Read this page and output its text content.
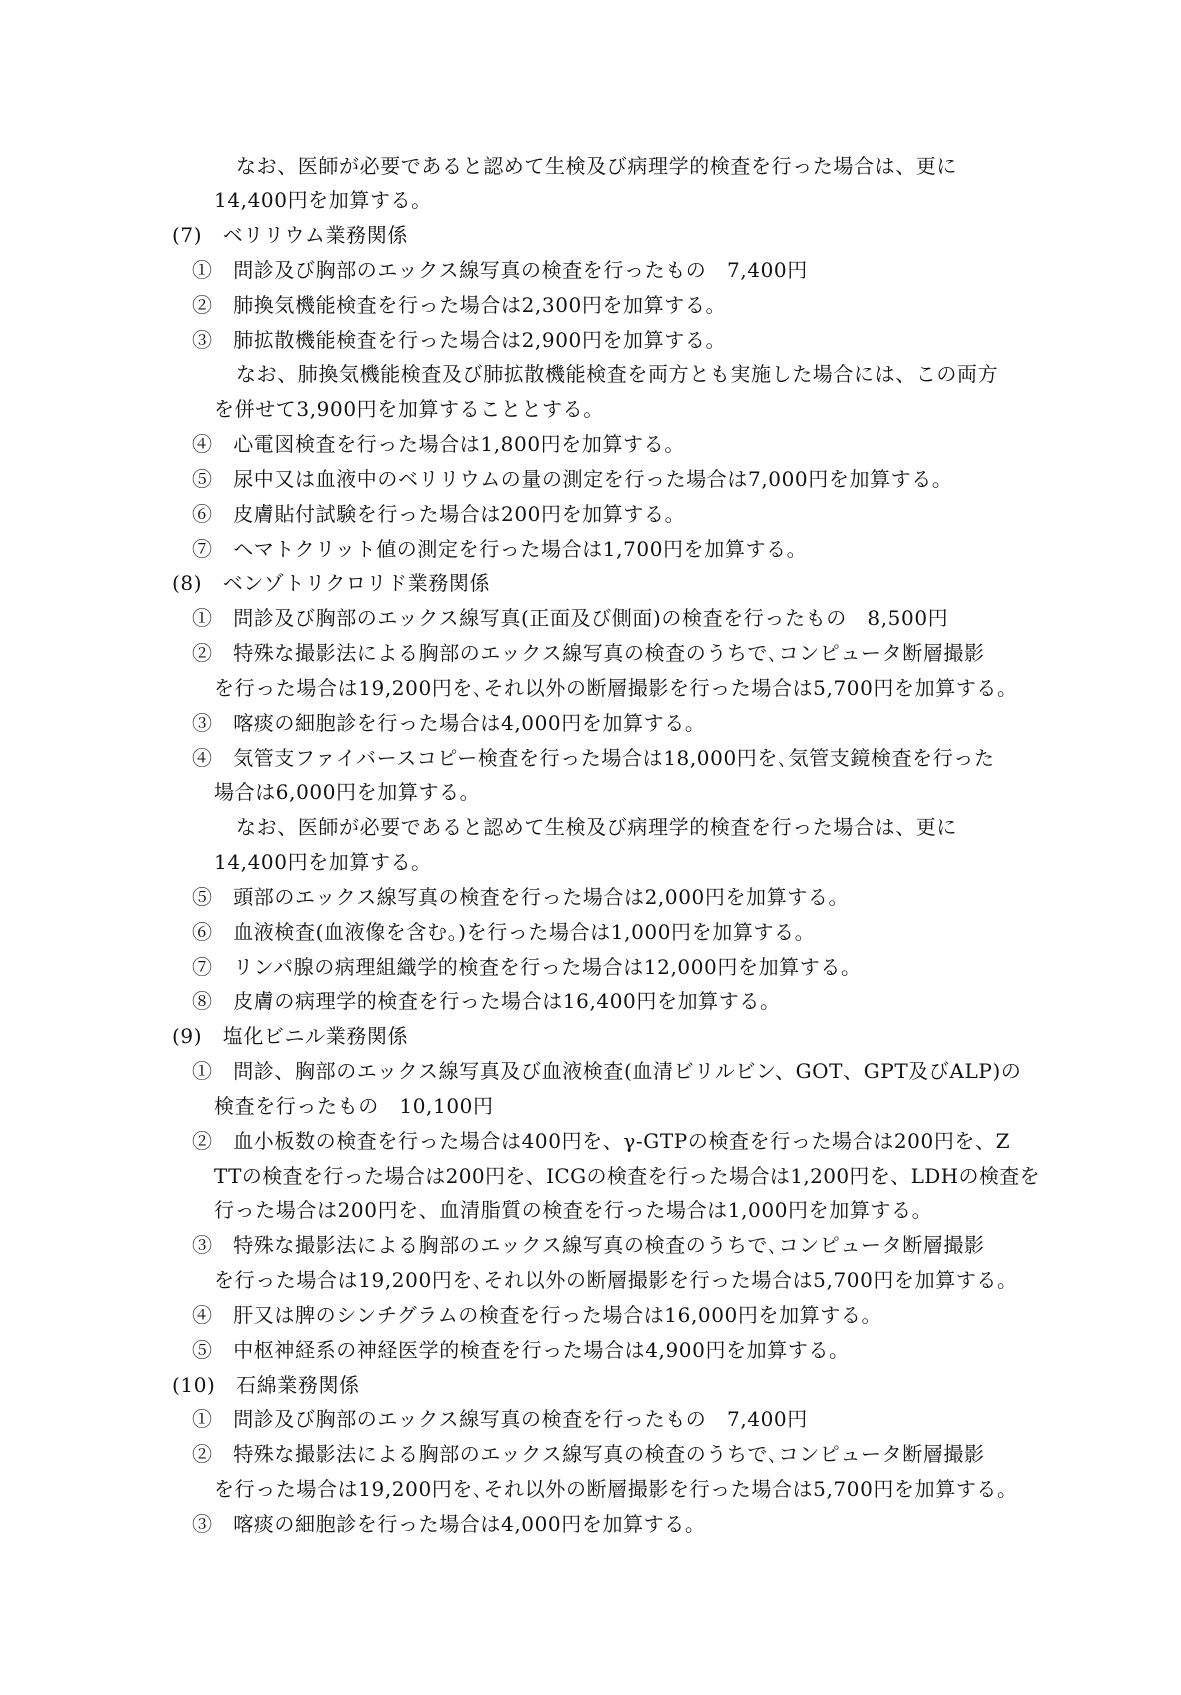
なお、医師が必要であると認めて生検及び病理学的検査を行った場合は、更に
14,400円を加算する。
(7)　ベリリウム業務関係
①　問診及び胸部のエックス線写真の検査を行ったもの　7,400円
②　肺換気機能検査を行った場合は2,300円を加算する。
③　肺拡散機能検査を行った場合は2,900円を加算する。
なお、肺換気機能検査及び肺拡散機能検査を両方とも実施した場合には、この両方
を併せて3,900円を加算することとする。
④　心電図検査を行った場合は1,800円を加算する。
⑤　尿中又は血液中のベリリウムの量の測定を行った場合は7,000円を加算する。
⑥　皮膚貼付試験を行った場合は200円を加算する。
⑦　ヘマトクリット値の測定を行った場合は1,700円を加算する。
(8)　ベンゾトリクロリド業務関係
①　問診及び胸部のエックス線写真(正面及び側面)の検査を行ったもの　8,500円
②　特殊な撮影法による胸部のエックス線写真の検査のうちで､コンピュータ断層撮影
を行った場合は19,200円を､それ以外の断層撮影を行った場合は5,700円を加算する。
③　喀痰の細胞診を行った場合は4,000円を加算する。
④　気管支ファイバースコピー検査を行った場合は18,000円を､気管支鏡検査を行った
場合は6,000円を加算する。
なお、医師が必要であると認めて生検及び病理学的検査を行った場合は、更に
14,400円を加算する。
⑤　頭部のエックス線写真の検査を行った場合は2,000円を加算する。
⑥　血液検査(血液像を含む。)を行った場合は1,000円を加算する。
⑦　リンパ腺の病理組織学的検査を行った場合は12,000円を加算する。
⑧　皮膚の病理学的検査を行った場合は16,400円を加算する。
(9)　塩化ビニル業務関係
①　問診、胸部のエックス線写真及び血液検査(血清ビリルビン、GOT、GPT及びALP)の
検査を行ったもの　10,100円
②　血小板数の検査を行った場合は400円を、γ-GTPの検査を行った場合は200円を、Z
TTの検査を行った場合は200円を、ICGの検査を行った場合は1,200円を、LDHの検査を
行った場合は200円を、血清脂質の検査を行った場合は1,000円を加算する。
③　特殊な撮影法による胸部のエックス線写真の検査のうちで､コンピュータ断層撮影
を行った場合は19,200円を､それ以外の断層撮影を行った場合は5,700円を加算する。
④　肝又は脾のシンチグラムの検査を行った場合は16,000円を加算する。
⑤　中枢神経系の神経医学的検査を行った場合は4,900円を加算する。
(10)　石綿業務関係
①　問診及び胸部のエックス線写真の検査を行ったもの　7,400円
②　特殊な撮影法による胸部のエックス線写真の検査のうちで､コンピュータ断層撮影
を行った場合は19,200円を､それ以外の断層撮影を行った場合は5,700円を加算する。
③　喀痰の細胞診を行った場合は4,000円を加算する。
